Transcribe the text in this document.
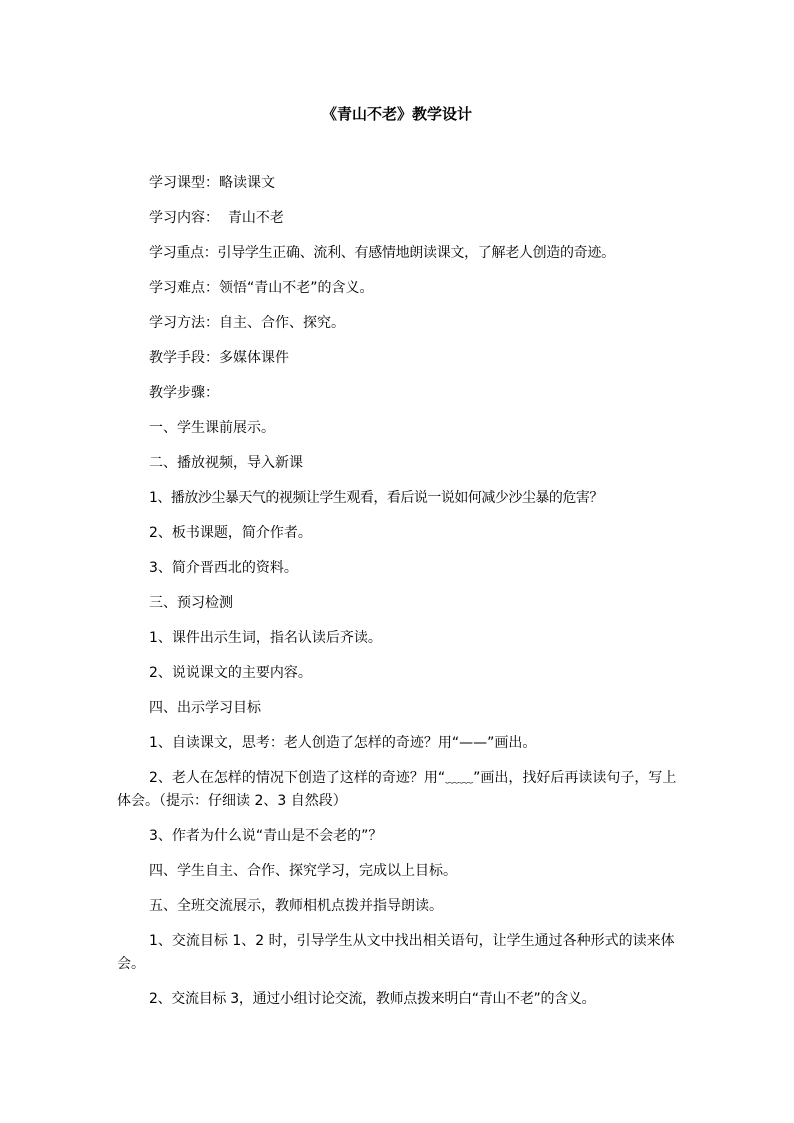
《青山不老》教学设计

学习课型：略读课文

学习内容：  青山不老

学习重点：引导学生正确、流利、有感情地朗读课文，了解老人创造的奇迹。

学习难点：领悟“青山不老”的含义。

学习方法：自主、合作、探究。

教学手段：多媒体课件

教学步骤：

一、学生课前展示。

二、播放视频，导入新课

1、播放沙尘暴天气的视频让学生观看，看后说一说如何减少沙尘暴的危害？

2、板书课题，简介作者。

3、简介晋西北的资料。

三、预习检测

1、课件出示生词，指名认读后齐读。

2、说说课文的主要内容。

四、出示学习目标

1、自读课文，思考：老人创造了怎样的奇迹？用“——”画出。

2、老人在怎样的情况下创造了这样的奇迹？用“﹏﹏”画出，找好后再读读句子，写上体会。（提示：仔细读 2、3 自然段）

3、作者为什么说“青山是不会老的”？

四、学生自主、合作、探究学习，完成以上目标。

五、全班交流展示，教师相机点拨并指导朗读。

1、交流目标 1、2 时，引导学生从文中找出相关语句，让学生通过各种形式的读来体会。

2、交流目标 3，通过小组讨论交流，教师点拨来明白“青山不老”的含义。
